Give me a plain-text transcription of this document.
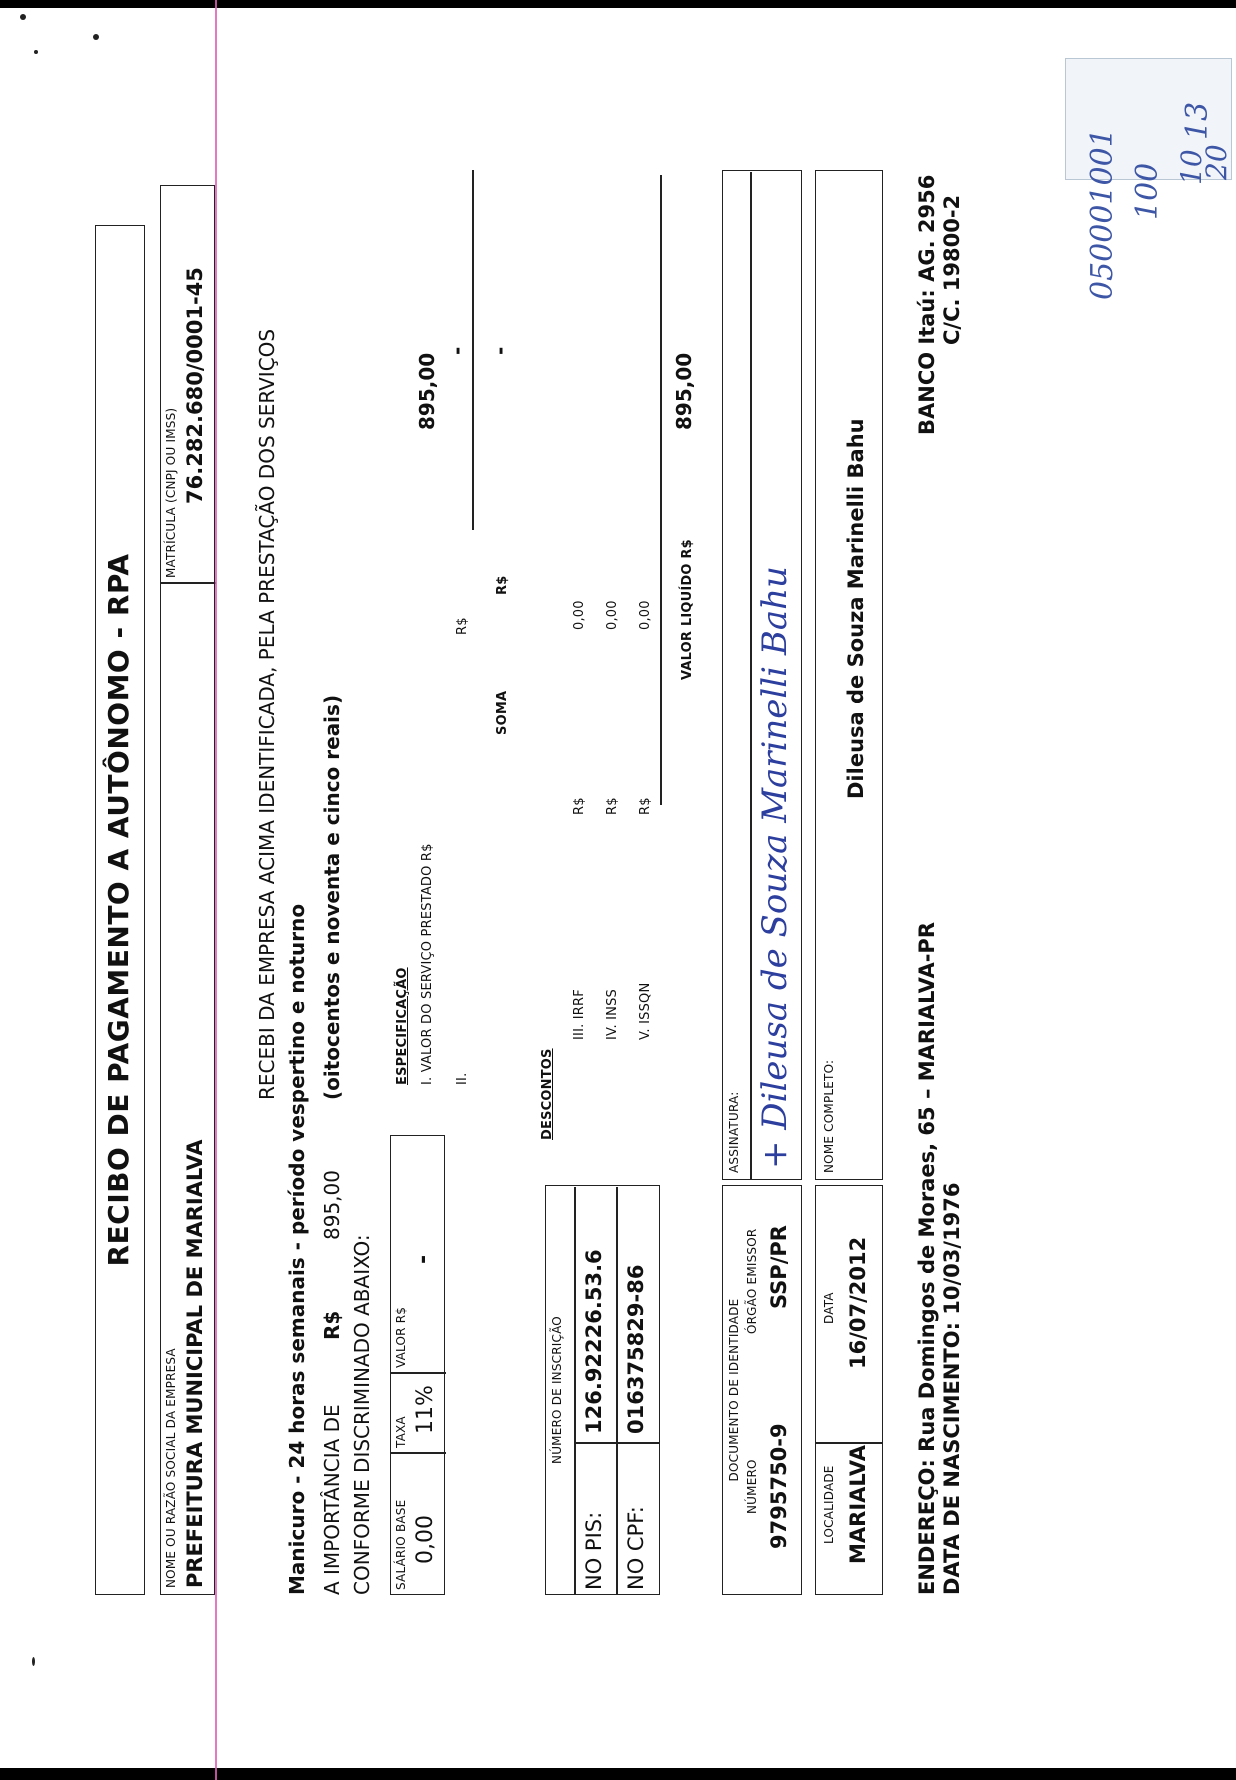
050001001 100 10
20
13
RECIBO DE PAGAMENTO A AUTÔNOMO - RPA
NOME OU RAZÃO SOCIAL DA EMPRESA PREFEITURA MUNICIPAL DE MARIALVA
MATRÍCULA (CNPJ OU IMSS) 76.282.680/0001-45 RECEBI DA EMPRESA ACIMA IDENTIFICADA, PELA PRESTAÇÃO DOS SERVIÇOS
Manicuro - 24 horas semanais - período vespertino e noturno A IMPORTÂNCIA DE
R$
895,00
(oitocentos e noventa e cinco reais)
CONFORME DISCRIMINADO ABAIXO: SALÁRIO BASE 0,00
TAXA 11%
VALOR R$
-
ESPECIFICAÇÃO I. VALOR DO SERVIÇO PRESTADO R$
895,00
II.
R$
-
SOMA
R$
-
NÚMERO DE INSCRIÇÃO
NO PIS:
126.92226.53.6
NO CPF:
016375829-86
DESCONTOS
III. IRRF
R$
0,00
IV. INSS
R$
0,00
V. ISSQN
R$
0,00 VALOR LIQUÍDO R$
895,00
DOCUMENTO DE IDENTIDADE
NÚMERO 9795750-9
ÓRGÃO EMISSOR SSP/PR
ASSINATURA: + Dileusa de Souza Marinelli Bahu
LOCALIDADE MARIALVA
DATA 16/07/2012
NOME COMPLETO:
Dileusa de Souza Marinelli Bahu
ENDEREÇO: Rua Domingos de Moraes, 65 – MARIALVA-PR DATA DE NASCIMENTO: 10/03/1976
BANCO Itaú: AG. 2956 C/C. 19800-2
